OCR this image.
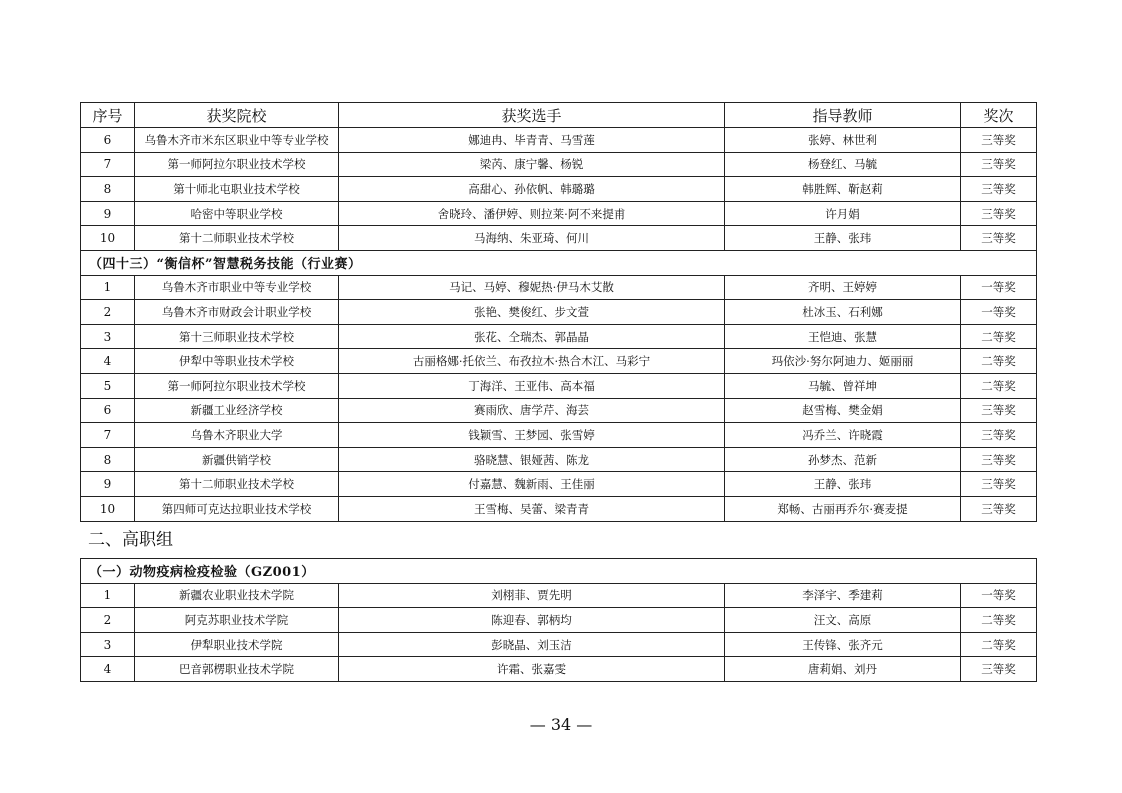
序号	获奖院校	获奖选手	指导教师	奖次
6	乌鲁木齐市米东区职业中等专业学校	娜迪冉、毕青青、马雪莲	张婷、林世利	三等奖
7	第一师阿拉尔职业技术学校	梁芮、康宁馨、杨锐	杨登红、马毓	三等奖
8	第十师北屯职业技术学校	高甜心、孙依帆、韩璐璐	韩胜辉、靳赵莉	三等奖
9	哈密中等职业学校	舍晓玲、潘伊婷、则拉莱·阿不来提甫	许月娟	三等奖
10	第十二师职业技术学校	马海纳、朱亚琦、何川	王静、张玮	三等奖
（四十三）“衡信杯”智慧税务技能（行业赛）				
1	乌鲁木齐市职业中等专业学校	马记、马婷、穆妮热·伊马木艾散	齐明、王婷婷	一等奖
2	乌鲁木齐市财政会计职业学校	张艳、樊俊红、步文萱	杜冰玉、石利娜	一等奖
3	第十三师职业技术学校	张花、仝瑞杰、郭晶晶	王恺迪、张慧	二等奖
4	伊犁中等职业技术学校	古丽格娜·托依兰、布孜拉木·热合木江、马彩宁	玛依沙·努尔阿迪力、姬丽丽	二等奖
5	第一师阿拉尔职业技术学校	丁海洋、王亚伟、高本福	马毓、曾祥坤	二等奖
6	新疆工业经济学校	赛雨欣、唐学芹、海芸	赵雪梅、樊金娟	三等奖
7	乌鲁木齐职业大学	钱颖雪、王梦园、张雪婷	冯乔兰、许晓霞	三等奖
8	新疆供销学校	骆晓慧、银娅茜、陈龙	孙梦杰、范新	三等奖
9	第十二师职业技术学校	付嘉慧、魏新雨、王佳丽	王静、张玮	三等奖
10	第四师可克达拉职业技术学校	王雪梅、吴蕾、梁青青	郑畅、古丽再乔尔·赛麦提	三等奖
二、高职组
（一）动物疫病检疫检验（GZ001）				
1	新疆农业职业技术学院	刘栩菲、贾先明	李泽宇、季建莉	一等奖
2	阿克苏职业技术学院	陈迎春、郭柄均	汪文、高原	二等奖
3	伊犁职业技术学院	彭晓晶、刘玉洁	王传锋、张齐元	二等奖
4	巴音郭楞职业技术学院	许霜、张嘉雯	唐莉娟、刘丹	三等奖
— 34 —
